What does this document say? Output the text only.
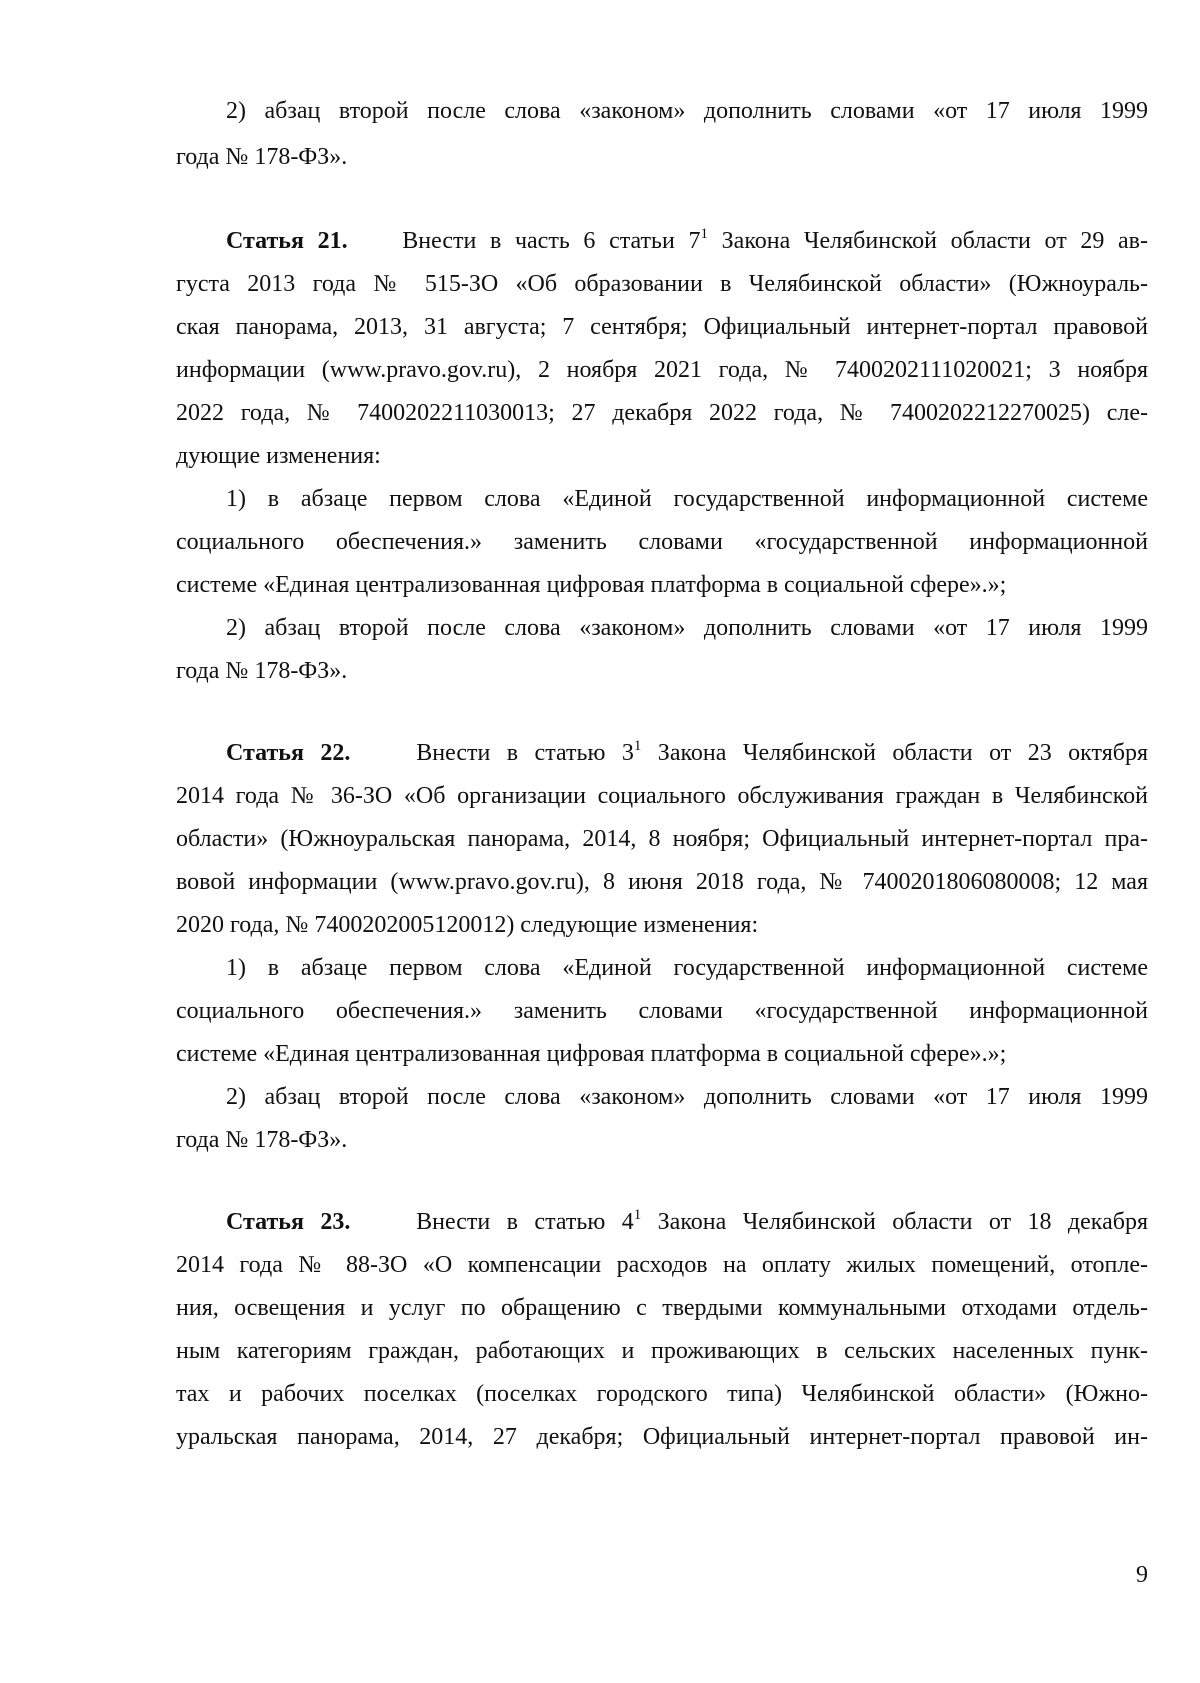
2) абзац второй после слова «законом» дополнить словами «от 17 июля 1999
года № 178-ФЗ».
Статья 21. Внести в часть 6 статьи $7^1$ Закона Челябинской области от 29 ав-
густа 2013 года № 515-ЗО «Об образовании в Челябинской области» (Южноураль-
ская панорама, 2013, 31 августа; 7 сентября; Официальный интернет-портал правовой
информации (www.pravo.gov.ru), 2 ноября 2021 года, № 7400202111020021; 3 ноября
2022 года, № 7400202211030013; 27 декабря 2022 года, № 7400202212270025) сле-
дующие изменения:
1) в абзаце первом слова «Единой государственной информационной системе
социального обеспечения.» заменить словами «государственной информационной
системе «Единая централизованная цифровая платформа в социальной сфере».»;
2) абзац второй после слова «законом» дополнить словами «от 17 июля 1999
года № 178-ФЗ».
Статья 22.	Внести в статью $3^1$ Закона Челябинской области от 23 октября
2014 года № 36-ЗО «Об организации социального обслуживания граждан в Челябинской
области» (Южноуральская панорама, 2014, 8 ноября; Официальный интернет-портал пра-
вовой информации (www.pravo.gov.ru), 8 июня 2018 года, № 7400201806080008; 12 мая
2020 года, № 7400202005120012) следующие изменения:
1) в абзаце первом слова «Единой государственной информационной системе
социального обеспечения.» заменить словами «государственной информационной
системе «Единая централизованная цифровая платформа в социальной сфере».»;
2) абзац второй после слова «законом» дополнить словами «от 17 июля 1999
года № 178-ФЗ».
Статья 23.	Внести в статью $4^1$ Закона Челябинской области от 18 декабря
2014 года № 88-ЗО «О компенсации расходов на оплату жилых помещений, отопле-
ния, освещения и услуг по обращению с твердыми коммунальными отходами отдель-
ным категориям граждан, работающих и проживающих в сельских населенных пунк-
тах и рабочих поселках (поселках городского типа) Челябинской области» (Южно-
уральская панорама, 2014, 27 декабря; Официальный интернет-портал правовой ин-
9
